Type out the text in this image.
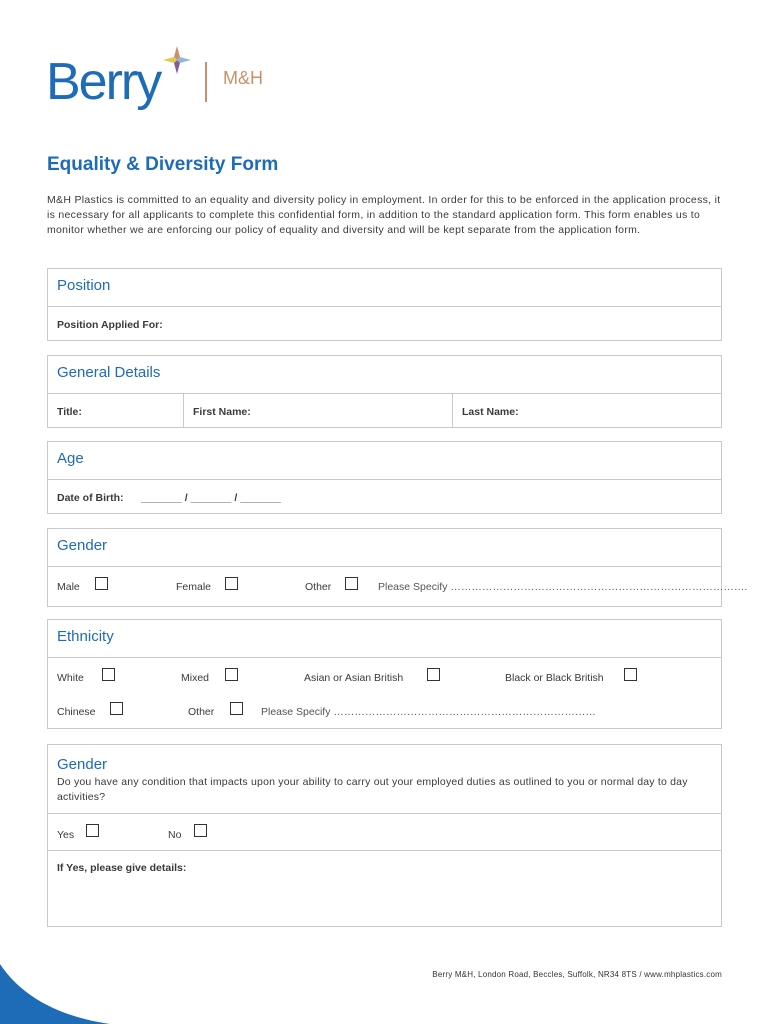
Berry	M&H
Equality & Diversity Form

M&H Plastics is committed to an equality and diversity policy in employment. In order for this to be enforced in the application process, it is necessary for all applicants to complete this confidential form, in addition to the standard application form. This form enables us to monitor whether we are enforcing our policy of equality and diversity and will be kept separate from the application form.

Position
Position Applied For:
General Details
Title:	First Name:	Last Name:
Age
Date of Birth: _______ / _______ / _______
Gender
Male	Female	Other	Please Specify ………………………………………………………………………….
Ethnicity
White	Mixed	Asian or Asian British	Black or Black British
Chinese	Other	Please Specify …………………………………………………………………
Gender
Do you have any condition that impacts upon your ability to carry out your employed duties as outlined to you or normal day to day activities?
Yes	No
If Yes, please give details:
Berry M&H, London Road, Beccles, Suffolk, NR34 8TS / www.mhplastics.com
